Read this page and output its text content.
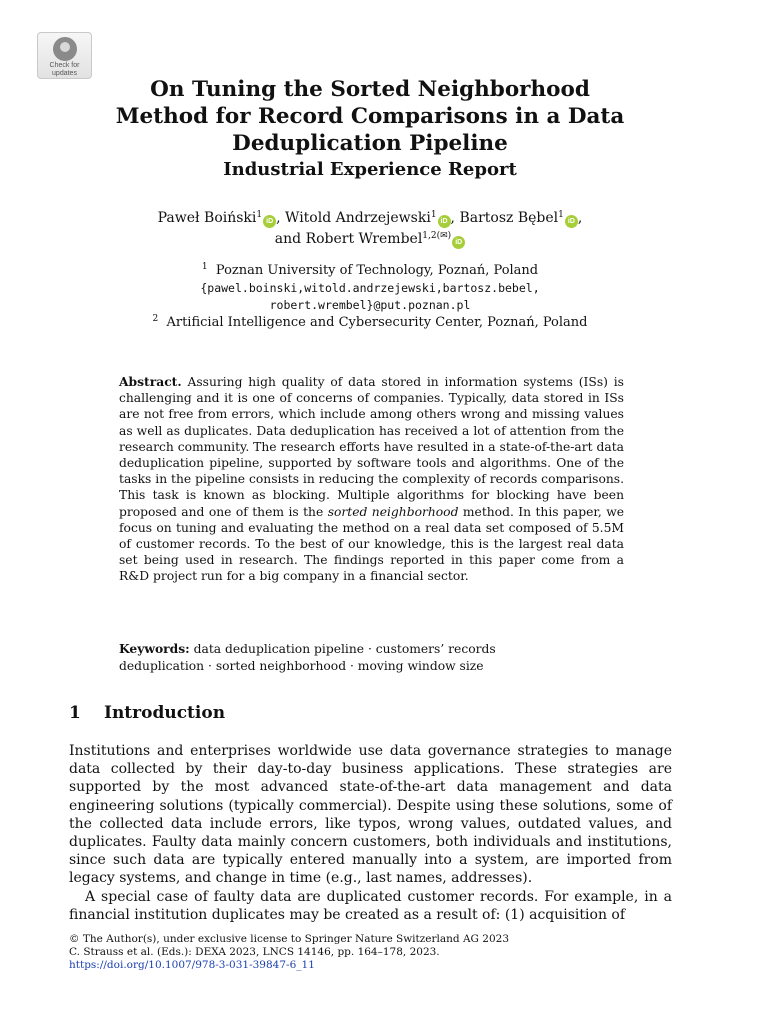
Check for
updates
On Tuning the Sorted Neighborhood
Method for Record Comparisons in a Data
Deduplication Pipeline
Industrial Experience Report
Paweł Boiński$^1$iD , Witold Andrzejewski$^1$iD , Bartosz Bębel$^1$iD ,
and Robert Wrembel$^{1,2(✉)}$iD
$^1$ Poznan University of Technology, Poznań, Poland
{pawel.boinski,witold.andrzejewski,bartosz.bebel,
robert.wrembel}@put.poznan.pl
$^2$ Artificial Intelligence and Cybersecurity Center, Poznań, Poland
Abstract. Assuring high quality of data stored in information systems (ISs) is challenging and it is one of concerns of companies. Typically, data stored in ISs are not free from errors, which include among others wrong and missing values as well as duplicates. Data deduplication has received a lot of attention from the research community. The research efforts have resulted in a state-of-the-art data deduplication pipeline, supported by software tools and algorithms. One of the tasks in the pipeline consists in reducing the complexity of records comparisons. This task is known as blocking. Multiple algorithms for blocking have been proposed and one of them is the sorted neighborhood method. In this paper, we focus on tuning and evaluating the method on a real data set composed of 5.5M of customer records. To the best of our knowledge, this is the largest real data set being used in research. The findings reported in this paper come from a R&D project run for a big company in a financial sector.
Keywords: data deduplication pipeline · customers’ records
deduplication · sorted neighborhood · moving window size
1 Introduction

Institutions and enterprises worldwide use data governance strategies to manage data collected by their day-to-day business applications. These strategies are supported by the most advanced state-of-the-art data management and data engineering solutions (typically commercial). Despite using these solutions, some of the collected data include errors, like typos, wrong values, outdated values, and duplicates. Faulty data mainly concern customers, both individuals and institutions, since such data are typically entered manually into a system, are imported from legacy systems, and change in time (e.g., last names, addresses).

A special case of faulty data are duplicated customer records. For example, in a financial institution duplicates may be created as a result of: (1) acquisition of

© The Author(s), under exclusive license to Springer Nature Switzerland AG 2023
C. Strauss et al. (Eds.): DEXA 2023, LNCS 14146, pp. 164–178, 2023.
https://doi.org/10.1007/978-3-031-39847-6_11
